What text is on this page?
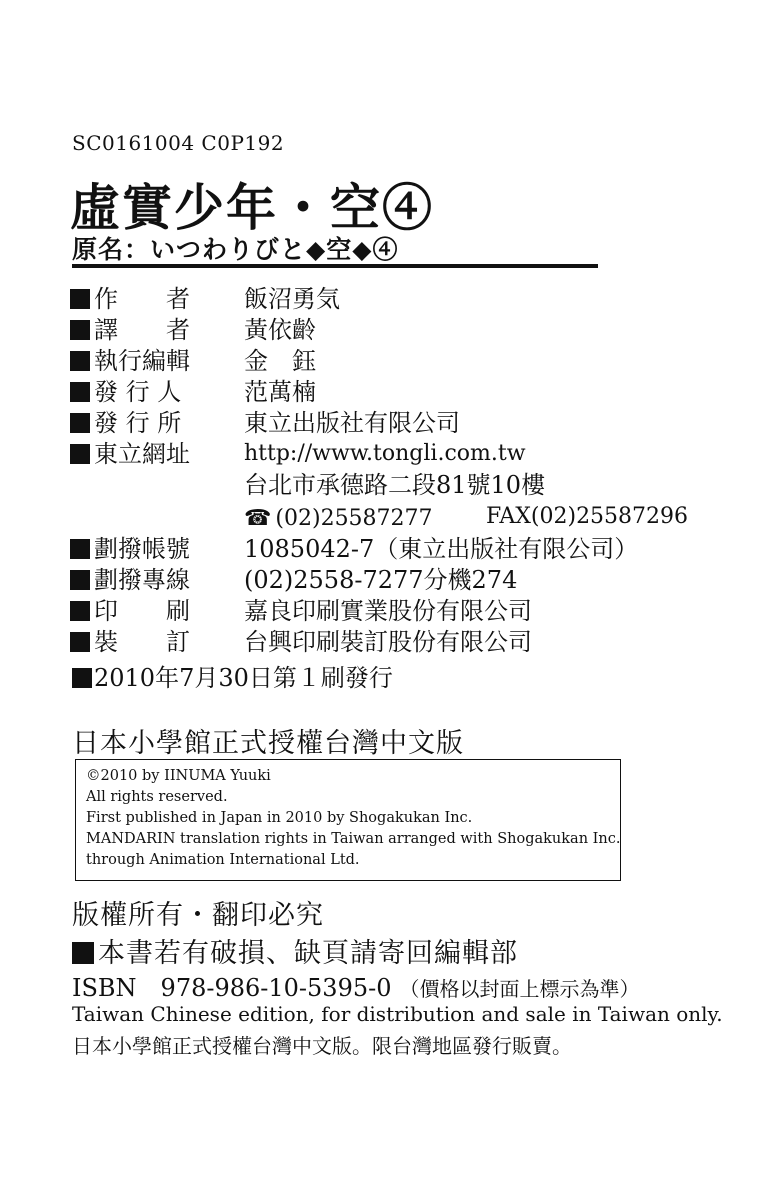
SC0161004 C0P192
虛實少年・空④
原名：いつわりびと◆空◆④
作　　者 飯沼勇気
譯　　者 黃依齡
執行編輯 金　鈺
發 行 人	范萬楠
發 行 所	東立出版社有限公司
東立網址 http://www.tongli.com.tw
台北市承德路二段81號10樓
☎ (02)25587277 FAX(02)25587296
劃撥帳號 1085042-7（東立出版社有限公司）
劃撥專線 (02)2558-7277分機274
印　　刷 嘉良印刷實業股份有限公司
裝　　訂 台興印刷裝訂股份有限公司
2010年7月30日第１刷發行
日本小學館正式授權台灣中文版
©2010 by IINUMA Yuuki
All rights reserved.
First published in Japan in 2010 by Shogakukan Inc.
MANDARIN translation rights in Taiwan arranged with Shogakukan Inc.
through Animation International Ltd.
版權所有・翻印必究
本書若有破損、缺頁請寄回編輯部
ISBN　978-986-10-5395-0 （價格以封面上標示為準）
Taiwan Chinese edition, for distribution and sale in Taiwan only.
日本小學館正式授權台灣中文版。限台灣地區發行販賣。
